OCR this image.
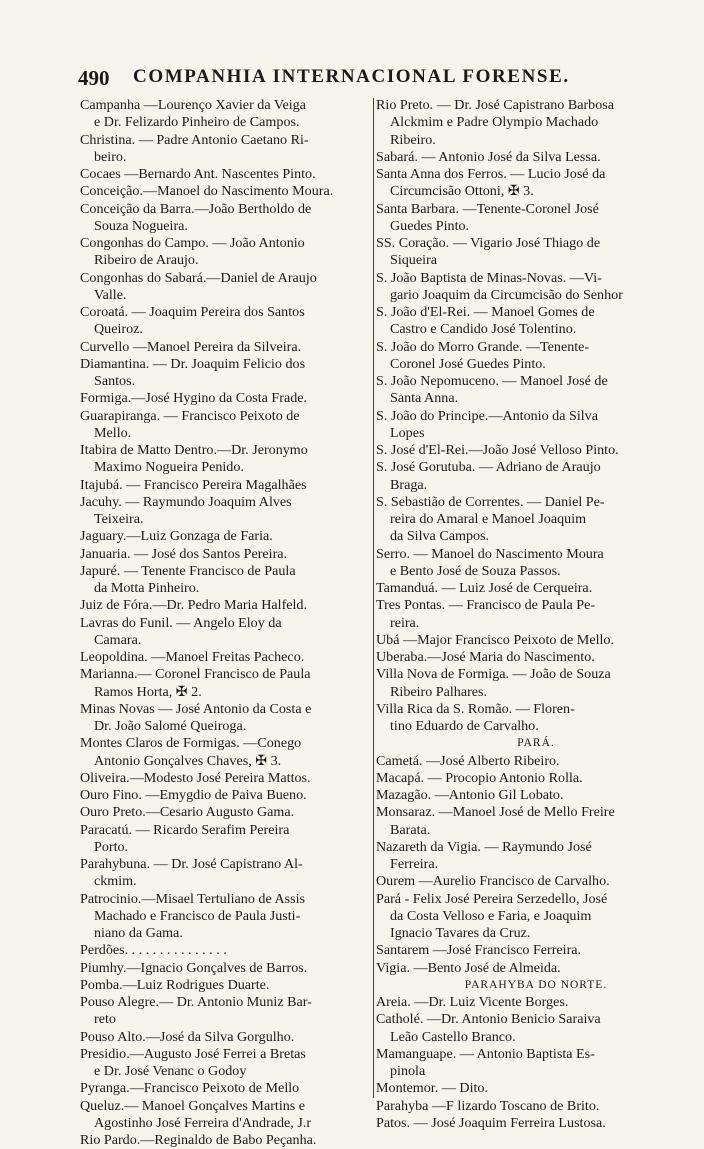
490 COMPANHIA INTERNACIONAL FORENSE.
Campanha —Lourenço Xavier da Veiga
e Dr. Felizardo Pinheiro de Campos.
Christina. — Padre Antonio Caetano Ri-
beiro.
Cocaes —Bernardo Ant. Nascentes Pinto.
Conceição.—Manoel do Nascimento Moura.
Conceição da Barra.—João Bertholdo de
Souza Nogueira.
Congonhas do Campo. — João Antonio
Ribeiro de Araujo.
Congonhas do Sabará.—Daniel de Araujo
Valle.
Coroatá. — Joaquim Pereira dos Santos
Queiroz.
Curvello —Manoel Pereira da Silveira.
Diamantina. — Dr. Joaquim Felicio dos
Santos.
Formiga.—José Hygino da Costa Frade.
Guarapiranga. — Francisco Peixoto de
Mello.
Itabira de Matto Dentro.—Dr. Jeronymo
Maximo Nogueira Penido.
Itajubá. — Francisco Pereira Magalhães
Jacuhy. — Raymundo Joaquim Alves
Teixeira.
Jaguary.—Luiz Gonzaga de Faria.
Januaria. — José dos Santos Pereira.
Japuré. — Tenente Francisco de Paula
da Motta Pinheiro.
Juiz de Fóra.—Dr. Pedro Maria Halfeld.
Lavras do Funil. — Angelo Eloy da
Camara.
Leopoldina. —Manoel Freitas Pacheco.
Marianna.— Coronel Francisco de Paula
Ramos Horta, ✠ 2.
Minas Novas — José Antonio da Costa e
Dr. João Salomé Queiroga.
Montes Claros de Formigas. —Conego
Antonio Gonçalves Chaves, ✠ 3.
Oliveira.—Modesto José Pereira Mattos.
Ouro Fino. —Emygdio de Paiva Bueno.
Ouro Preto.—Cesario Augusto Gama.
Paracatú. — Ricardo Serafim Pereira
Porto.
Parahybuna. — Dr. José Capistrano Al-
ckmim.
Patrocinio.—Misael Tertuliano de Assis
Machado e Francisco de Paula Justi-
niano da Gama.
Perdões. . . . . . . . . . . . . . .
Piumhy.—Ignacio Gonçalves de Barros.
Pomba.—Luiz Rodrigues Duarte.
Pouso Alegre.— Dr. Antonio Muniz Bar-
reto
Pouso Alto.—José da Silva Gorgulho.
Presidio.—Augusto José Ferrei a Bretas
e Dr. José Venanc o Godoy
Pyranga.—Francisco Peixoto de Mello
Queluz.— Manoel Gonçalves Martins e
Agostinho José Ferreira d'Andrade, J.r
Rio Pardo.—Reginaldo de Babo Peçanha.
Rio Preto. — Dr. José Capistrano Barbosa
Alckmim e Padre Olympio Machado
Ribeiro.
Sabará. — Antonio José da Silva Lessa.
Santa Anna dos Ferros. — Lucio José da
Circumcisão Ottoni, ✠ 3.
Santa Barbara. —Tenente-Coronel José
Guedes Pinto.
SS. Coração. — Vigario José Thiago de
Siqueira
S. João Baptista de Minas-Novas. —Vi-
gario Joaquim da Circumcisão do Senhor
S. João d'El-Rei. — Manoel Gomes de
Castro e Candido José Tolentino.
S. João do Morro Grande. —Tenente-
Coronel José Guedes Pinto.
S. João Nepomuceno. — Manoel José de
Santa Anna.
S. João do Principe.—Antonio da Silva
Lopes
S. José d'El-Rei.—João José Velloso Pinto.
S. José Gorutuba. — Adriano de Araujo
Braga.
S. Sebastião de Correntes. — Daniel Pe-
reira do Amaral e Manoel Joaquim
da Silva Campos.
Serro. — Manoel do Nascimento Moura
e Bento José de Souza Passos.
Tamanduá. — Luiz José de Cerqueira.
Tres Pontas. — Francisco de Paula Pe-
reira.
Ubá —Major Francisco Peixoto de Mello.
Uberaba.—José Maria do Nascimento.
Villa Nova de Formiga. — João de Souza
Ribeiro Palhares.
Villa Rica da S. Romão. — Floren-
tino Eduardo de Carvalho.
PARÁ.
Cametá. —José Alberto Ribeiro.
Macapá. — Procopio Antonio Rolla.
Mazagão. —Antonio Gil Lobato.
Monsaraz. —Manoel José de Mello Freire
Barata.
Nazareth da Vigia. — Raymundo José
Ferreira.
Ourem —Aurelio Francisco de Carvalho.
Pará - Felix José Pereira Serzedello, José
da Costa Velloso e Faria, e Joaquim
Ignacio Tavares da Cruz.
Santarem —José Francisco Ferreira.
Vigia. —Bento José de Almeida.
PARAHYBA DO NORTE.
Areia. —Dr. Luiz Vicente Borges.
Catholé. —Dr. Antonio Benicio Saraiva
Leão Castello Branco.
Mamanguape. — Antonio Baptista Es-
pinola
Montemor. — Dito.
Parahyba —F lizardo Toscano de Brito.
Patos. — José Joaquim Ferreira Lustosa.
